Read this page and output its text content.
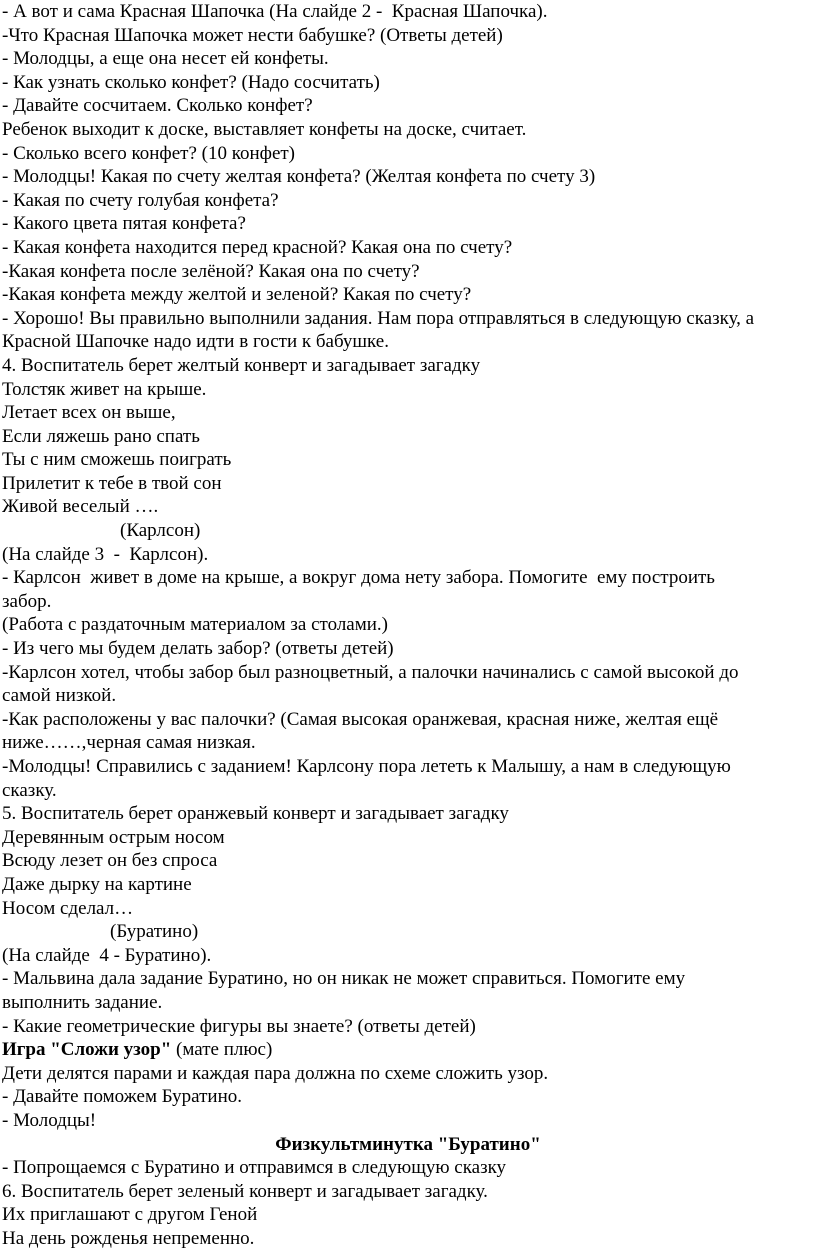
- А вот и сама Красная Шапочка (На слайде 2 -  Красная Шапочка).
-Что Красная Шапочка может нести бабушке? (Ответы детей)
- Молодцы, а еще она несет ей конфеты.
- Как узнать сколько конфет? (Надо сосчитать)
- Давайте сосчитаем. Сколько конфет?
Ребенок выходит к доске, выставляет конфеты на доске, считает.
- Сколько всего конфет? (10 конфет)
- Молодцы! Какая по счету желтая конфета? (Желтая конфета по счету 3)
- Какая по счету голубая конфета?
- Какого цвета пятая конфета?
- Какая конфета находится перед красной? Какая она по счету?
-Какая конфета после зелёной? Какая она по счету?
-Какая конфета между желтой и зеленой? Какая по счету?
- Хорошо! Вы правильно выполнили задания. Нам пора отправляться в следующую сказку, а
Красной Шапочке надо идти в гости к бабушке.
4. Воспитатель берет желтый конверт и загадывает загадку
Толстяк живет на крыше.
Летает всех он выше,
Если ляжешь рано спать
Ты с ним сможешь поиграть
Прилетит к тебе в твой сон
Живой веселый ….
(Карлсон)
(На слайде 3  -  Карлсон).
- Карлсон  живет в доме на крыше, а вокруг дома нету забора. Помогите  ему построить
забор.
(Работа с раздаточным материалом за столами.)
- Из чего мы будем делать забор? (ответы детей)
-Карлсон хотел, чтобы забор был разноцветный, а палочки начинались с самой высокой до
самой низкой.
-Как расположены у вас палочки? (Самая высокая оранжевая, красная ниже, желтая ещё
ниже……,черная самая низкая.
-Молодцы! Справились с заданием! Карлсону пора лететь к Малышу, а нам в следующую
сказку.
5. Воспитатель берет оранжевый конверт и загадывает загадку
Деревянным острым носом
Всюду лезет он без спроса
Даже дырку на картине
Носом сделал…
(Буратино)
(На слайде  4 - Буратино).
- Мальвина дала задание Буратино, но он никак не может справиться. Помогите ему
выполнить задание.
- Какие геометрические фигуры вы знаете? (ответы детей)
Игра "Сложи узор" (мате плюс)
Дети делятся парами и каждая пара должна по схеме сложить узор.
- Давайте поможем Буратино.
- Молодцы!
Физкультминутка "Буратино"
- Попрощаемся с Буратино и отправимся в следующую сказку
6. Воспитатель берет зеленый конверт и загадывает загадку.
Их приглашают с другом Геной
На день рожденья непременно.
